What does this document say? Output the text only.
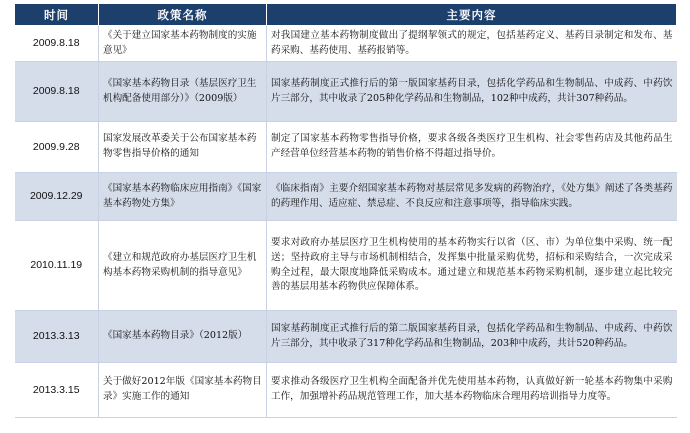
时间	政策名称	主要内容
2009.8.18	《关于建立国家基本药物制度的实施意见》	对我国建立基本药物制度做出了提纲挈领式的规定，包括基药定义、基药目录制定和发布、基药采购、基药使用、基药报销等。
2009.8.18	《国家基本药物目录（基层医疗卫生机构配备使用部分）》（2009版）	国家基药制度正式推行后的第一版国家基药目录，包括化学药品和生物制品、中成药、中药饮片三部分，其中收录了205种化学药品和生物制品，102种中成药，共计307种药品。
2009.9.28	国家发展改革委关于公布国家基本药物零售指导价格的通知	制定了国家基本药物零售指导价格，要求各级各类医疗卫生机构、社会零售药店及其他药品生产经营单位经营基本药物的销售价格不得超过指导价。
2009.12.29	《国家基本药物临床应用指南》《国家基本药物处方集》	《临床指南》主要介绍国家基本药物对基层常见多发病的药物治疗，《处方集》阐述了各类基药的药理作用、适应症、禁忌症、不良反应和注意事项等，指导临床实践。
2010.11.19	《建立和规范政府办基层医疗卫生机构基本药物采购机制的指导意见》	要求对政府办基层医疗卫生机构使用的基本药物实行以省（区、市）为单位集中采购、统一配送；坚持政府主导与市场机制相结合，发挥集中批量采购优势，招标和采购结合，一次完成采购全过程，最大限度地降低采购成本。通过建立和规范基本药物采购机制，逐步建立起比较完善的基层用基本药物供应保障体系。
2013.3.13	《国家基本药物目录》（2012版）	国家基药制度正式推行后的第二版国家基药目录，包括化学药品和生物制品、中成药、中药饮片三部分，其中收录了317种化学药品和生物制品，203种中成药，共计520种药品。
2013.3.15	关于做好2012年版《国家基本药物目录》实施工作的通知	要求推动各级医疗卫生机构全面配备并优先使用基本药物，认真做好新一轮基本药物集中采购工作，加强增补药品规范管理工作，加大基本药物临床合理用药培训指导力度等。
